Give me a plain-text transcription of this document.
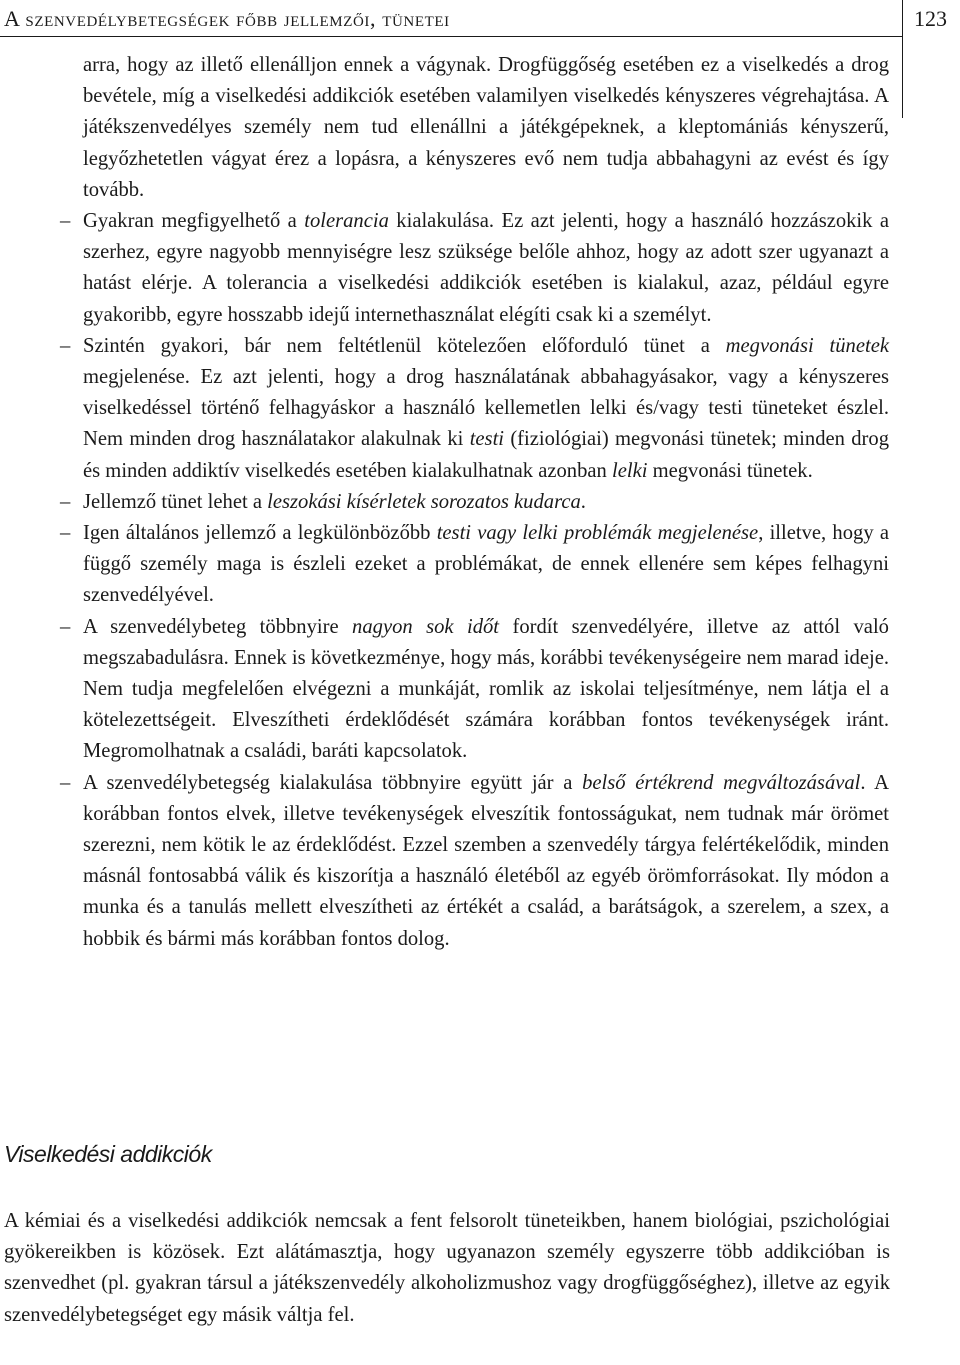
A szenvedélybetegségek főbb jellemzői, tünetei	123

arra, hogy az illető ellenálljon ennek a vágynak. Drogfüggőség esetében ez a viselkedés a drog bevétele, míg a viselkedési addikciók esetében valamilyen viselkedés kényszeres végrehajtása. A játékszenvedélyes személy nem tud ellenállni a játékgépeknek, a kleptomániás kényszerű, legyőzhetetlen vágyat érez a lopásra, a kényszeres evő nem tudja abbahagyni az evést és így tovább.

– Gyakran megfigyelhető a tolerancia kialakulása. Ez azt jelenti, hogy a használó hozzászokik a szerhez, egyre nagyobb mennyiségre lesz szüksége belőle ahhoz, hogy az adott szer ugyanazt a hatást elérje. A tolerancia a viselkedési addikciók esetében is kialakul, azaz, például egyre gyakoribb, egyre hosszabb idejű internethasználat elégíti csak ki a személyt.
– Szintén gyakori, bár nem feltétlenül kötelezően előforduló tünet a megvonási tünetek megjelenése. Ez azt jelenti, hogy a drog használatának abbahagyásakor, vagy a kényszeres viselkedéssel történő felhagyáskor a használó kellemetlen lelki és/vagy testi tüneteket észlel. Nem minden drog használatakor alakulnak ki testi (fiziológiai) megvonási tünetek; minden drog és minden addiktív viselkedés esetében kialakulhatnak azonban lelki megvonási tünetek.
– Jellemző tünet lehet a leszokási kísérletek sorozatos kudarca.
– Igen általános jellemző a legkülönbözőbb testi vagy lelki problémák megjelenése, illetve, hogy a függő személy maga is észleli ezeket a problémákat, de ennek ellenére sem képes felhagyni szenvedélyével.
– A szenvedélybeteg többnyire nagyon sok időt fordít szenvedélyére, illetve az attól való megszabadulásra. Ennek is következménye, hogy más, korábbi tevékenységeire nem marad ideje. Nem tudja megfelelően elvégezni a munkáját, romlik az iskolai teljesítménye, nem látja el a kötelezettségeit. Elveszítheti érdeklődését számára korábban fontos tevékenységek iránt. Megromolhatnak a családi, baráti kapcsolatok.
– A szenvedélybetegség kialakulása többnyire együtt jár a belső értékrend megváltozásával. A korábban fontos elvek, illetve tevékenységek elveszítik fontosságukat, nem tudnak már örömet szerezni, nem kötik le az érdeklődést. Ezzel szemben a szenvedély tárgya felértékelődik, minden másnál fontosabbá válik és kiszorítja a használó életéből az egyéb örömforrásokat. Ily módon a munka és a tanulás mellett elveszítheti az értékét a család, a barátságok, a szerelem, a szex, a hobbik és bármi más korábban fontos dolog.
Viselkedési addikciók

A kémiai és a viselkedési addikciók nemcsak a fent felsorolt tüneteikben, hanem biológiai, pszichológiai gyökereikben is közösek. Ezt alátámasztja, hogy ugyanazon személy egyszerre több addikcióban is szenvedhet (pl. gyakran társul a játékszenvedély alkoholizmushoz vagy drogfüggőséghez), illetve az egyik szenvedélybetegséget egy másik váltja fel.
